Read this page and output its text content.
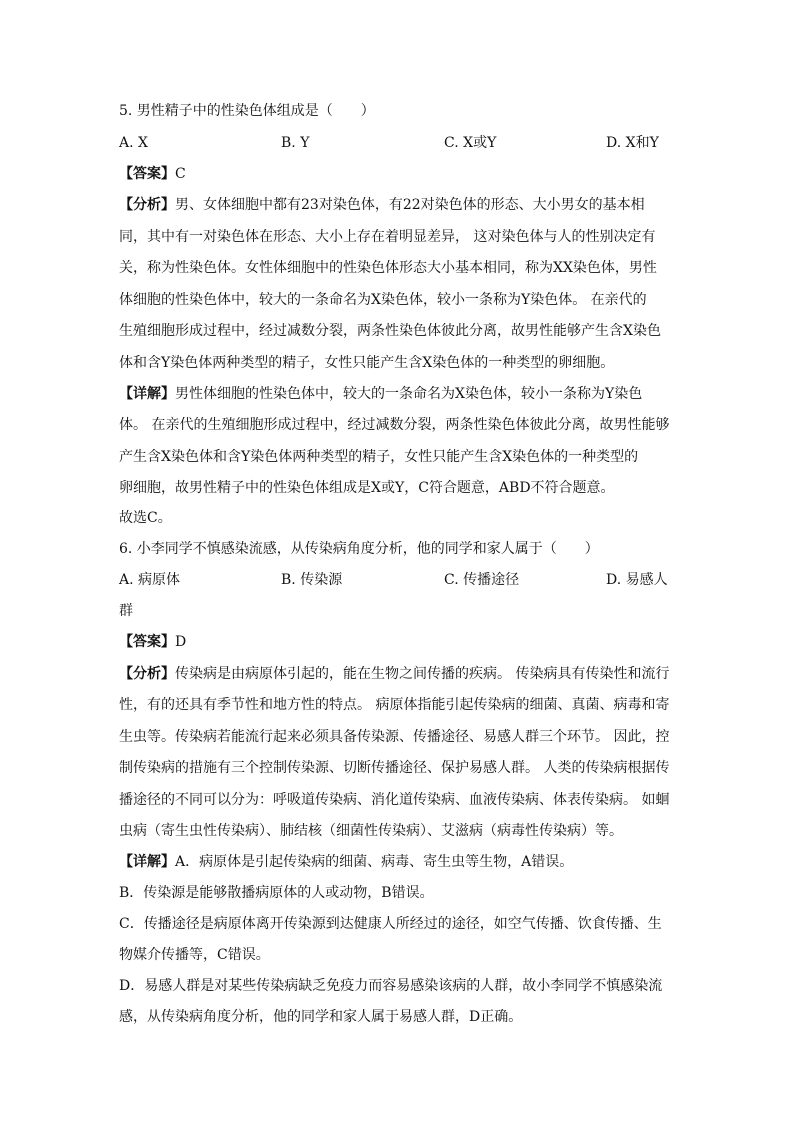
5. 男性精子中的性染色体组成是（　　）
A. X	B. Y	C. X或Y	D. X和Y
【答案】C
【分析】男、女体细胞中都有23对染色体，有22对染色体的形态、大小男女的基本相
同，其中有一对染色体在形态、大小上存在着明显差异， 这对染色体与人的性别决定有
关，称为性染色体。女性体细胞中的性染色体形态大小基本相同，称为XX染色体，男性
体细胞的性染色体中，较大的一条命名为X染色体，较小一条称为Y染色体。 在亲代的
生殖细胞形成过程中，经过减数分裂，两条性染色体彼此分离，故男性能够产生含X染色
体和含Y染色体两种类型的精子，女性只能产生含X染色体的一种类型的卵细胞。
【详解】男性体细胞的性染色体中，较大的一条命名为X染色体，较小一条称为Y染色
体。 在亲代的生殖细胞形成过程中，经过减数分裂，两条性染色体彼此分离，故男性能够
产生含X染色体和含Y染色体两种类型的精子，女性只能产生含X染色体的一种类型的
卵细胞，故男性精子中的性染色体组成是X或Y，C符合题意，ABD不符合题意。
故选C。
6. 小李同学不慎感染流感，从传染病角度分析，他的同学和家人属于（　　）
A. 病原体	B. 传染源	C. 传播途径	D. 易感人
群
【答案】D
【分析】传染病是由病原体引起的，能在生物之间传播的疾病。 传染病具有传染性和流行
性，有的还具有季节性和地方性的特点。 病原体指能引起传染病的细菌、真菌、病毒和寄
生虫等。传染病若能流行起来必须具备传染源、传播途径、易感人群三个环节。 因此，控
制传染病的措施有三个控制传染源、切断传播途径、保护易感人群。 人类的传染病根据传
播途径的不同可以分为：呼吸道传染病、消化道传染病、血液传染病、体表传染病。 如蛔
虫病（寄生虫性传染病）、肺结核（细菌性传染病）、艾滋病（病毒性传染病）等。
【详解】A．病原体是引起传染病的细菌、病毒、寄生虫等生物，A错误。
B．传染源是能够散播病原体的人或动物，B错误。
C．传播途径是病原体离开传染源到达健康人所经过的途径，如空气传播、饮食传播、生
物媒介传播等，C错误。
D．易感人群是对某些传染病缺乏免疫力而容易感染该病的人群，故小李同学不慎感染流
感，从传染病角度分析，他的同学和家人属于易感人群，D正确。
